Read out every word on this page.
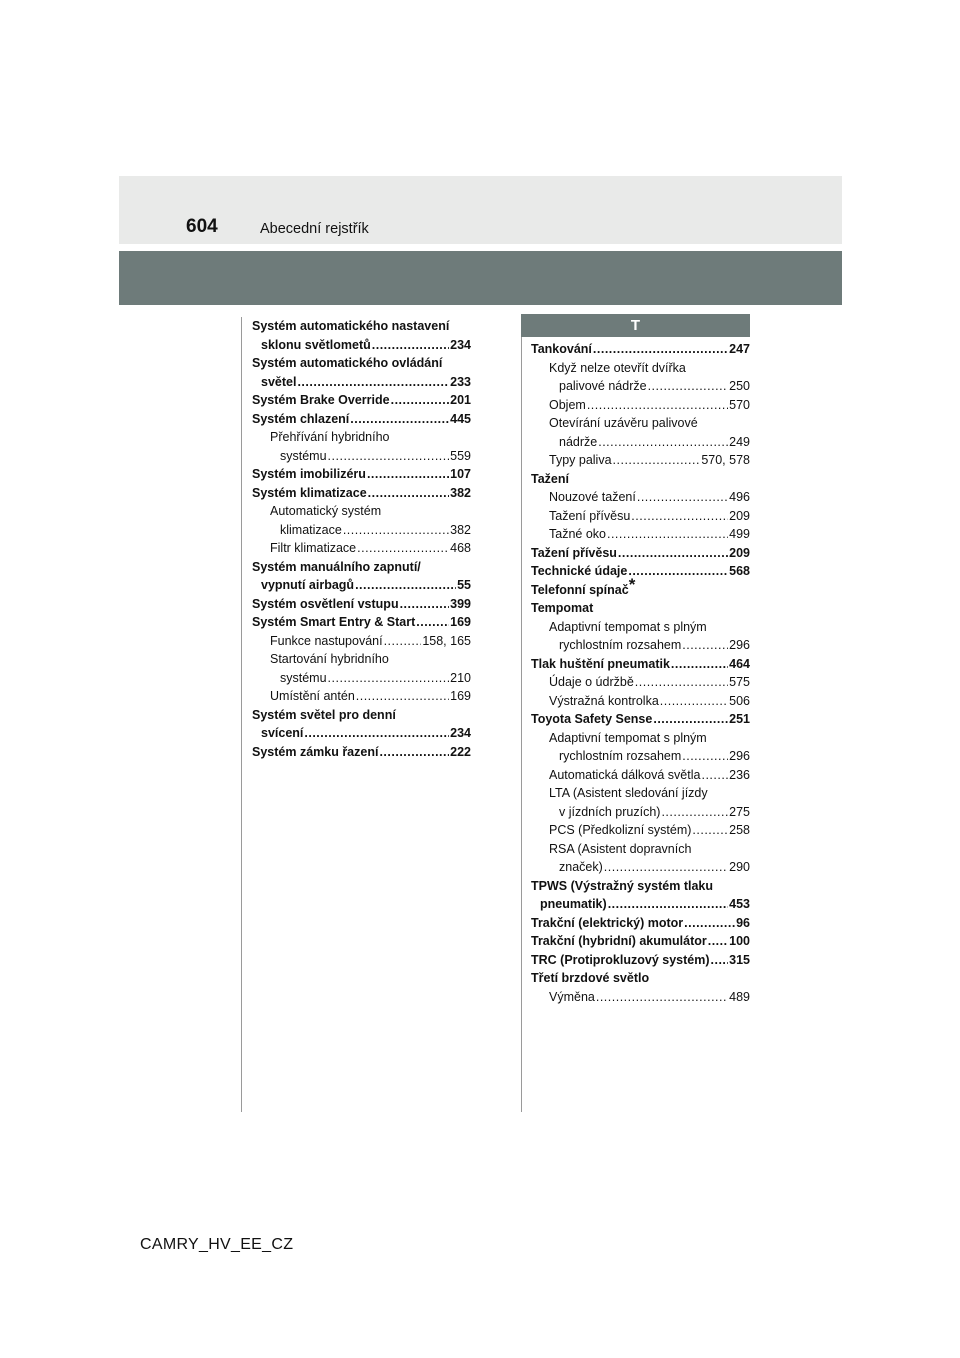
604	Abecední rejstřík
Systém automatického nastavení
sklonu světlometů .....	234
Systém automatického ovládání
světel .....	233
Systém Brake Override .....	201
Systém chlazení .....	445
Přehřívání hybridního
systému .....	559
Systém imobilizéru .....	107
Systém klimatizace .....	382
Automatický systém
klimatizace .....	382
Filtr klimatizace .....	468
Systém manuálního zapnutí/
vypnutí airbagů .....	55
Systém osvětlení vstupu .....	399
Systém Smart Entry & Start .....	169
Funkce nastupování .....	158, 165
Startování hybridního
systému .....	210
Umístění antén .....	169
Systém světel pro denní
svícení .....	234
Systém zámku řazení .....	222
T
Tankování .....	247
Když nelze otevřít dvířka
palivové nádrže .....	250
Objem .....	570
Otevírání uzávěru palivové
nádrže .....	249
Typy paliva .....	570, 578
Tažení
Nouzové tažení .....	496
Tažení přívěsu .....	209
Tažné oko .....	499
Tažení přívěsu .....	209
Technické údaje .....	568
Telefonní spínač*
Tempomat
Adaptivní tempomat s plným
rychlostním rozsahem .....	296
Tlak huštění pneumatik .....	464
Údaje o údržbě .....	575
Výstražná kontrolka .....	506
Toyota Safety Sense .....	251
Adaptivní tempomat s plným
rychlostním rozsahem .....	296
Automatická dálková světla ..... 236
LTA (Asistent sledování jízdy
v jízdních pruzích) .....	275
PCS (Předkolizní systém) .....	258
RSA (Asistent dopravních
značek) .....	290
TPWS (Výstražný systém tlaku
pneumatik) .....	453
Trakční (elektrický) motor .....	96
Trakční (hybridní) akumulátor ..... 100
TRC (Protiprokluzový systém) ..... 315
Třetí brzdové světlo
Výměna .....	489
CAMRY_HV_EE_CZ
